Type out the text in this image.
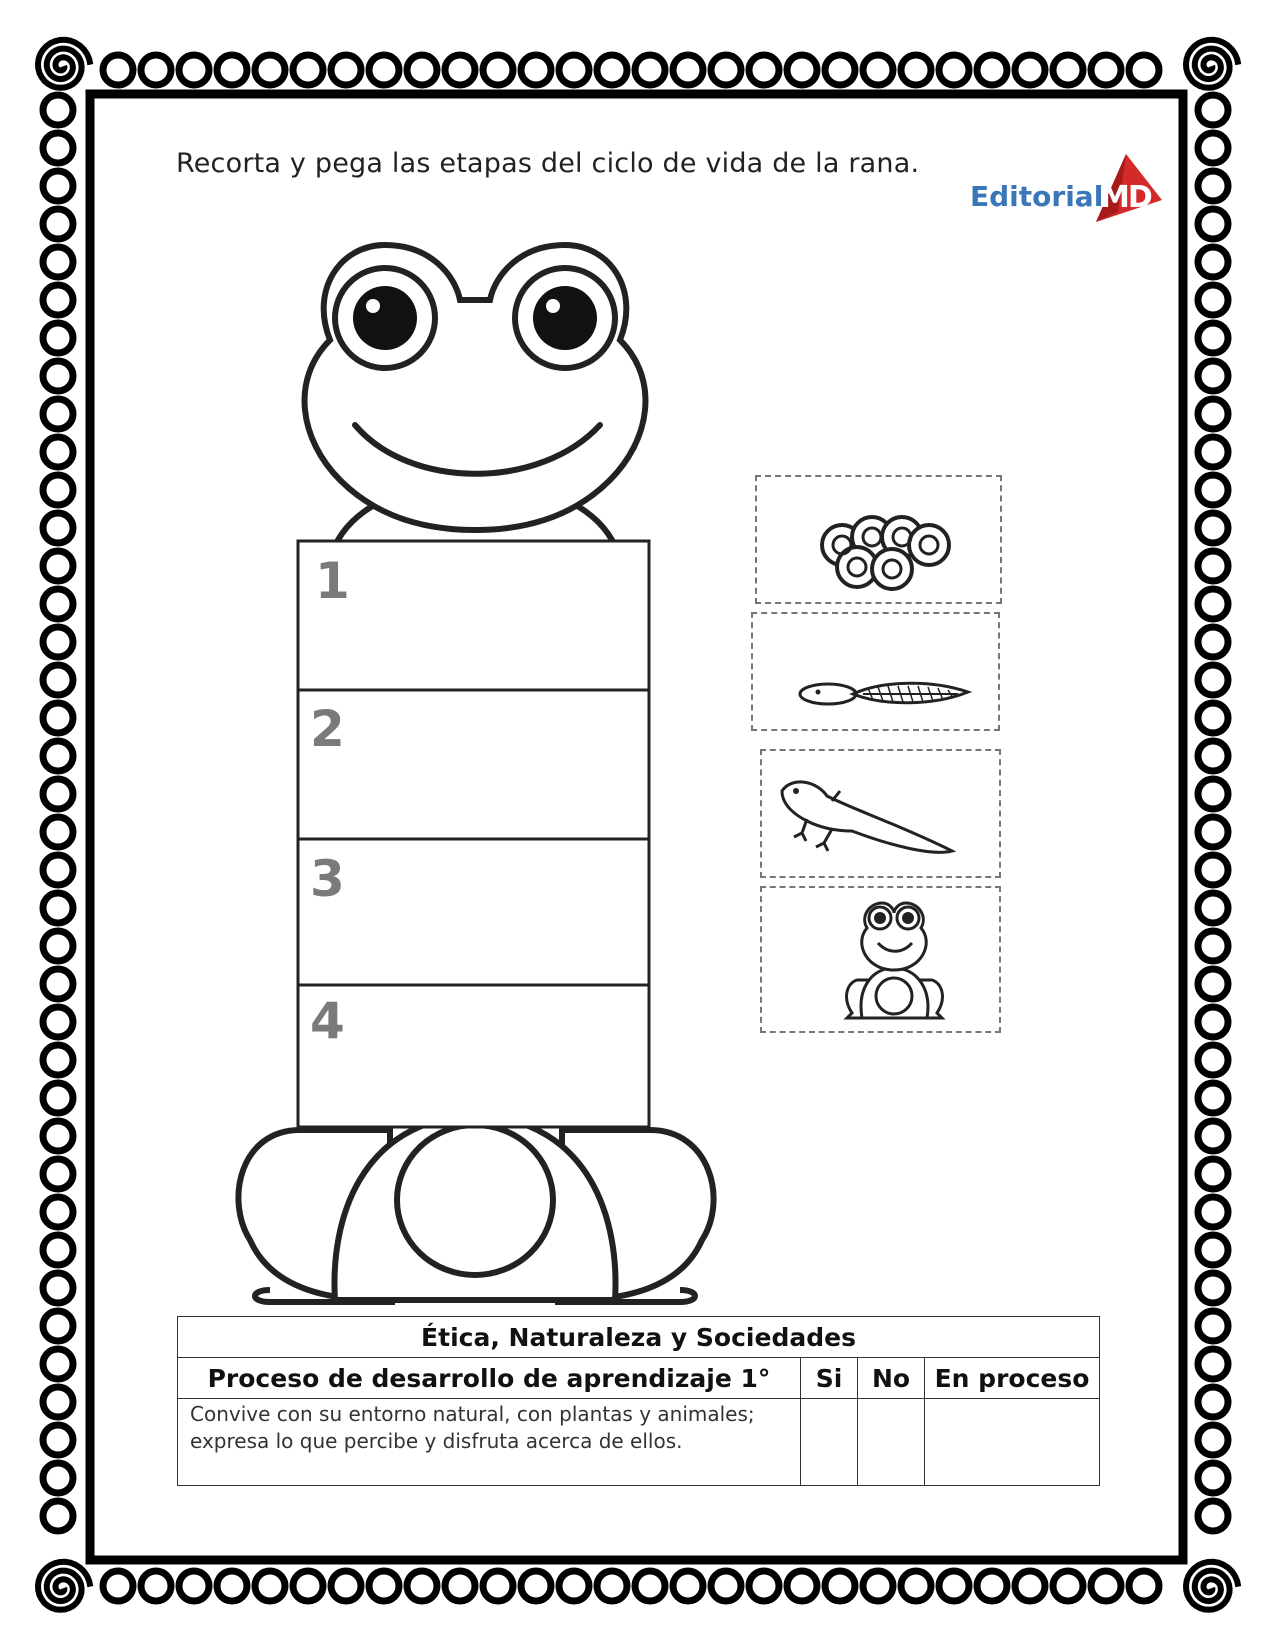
Recorta y pega las etapas del ciclo de vida de la rana.
Editorial
MD
1
2
3
4
Ética, Naturaleza y Sociedades			
Proceso de desarrollo de aprendizaje 1°	Si	No	En proceso
Convive con su entorno natural, con plantas y animales; expresa lo que percibe y disfruta acerca de ellos.			
